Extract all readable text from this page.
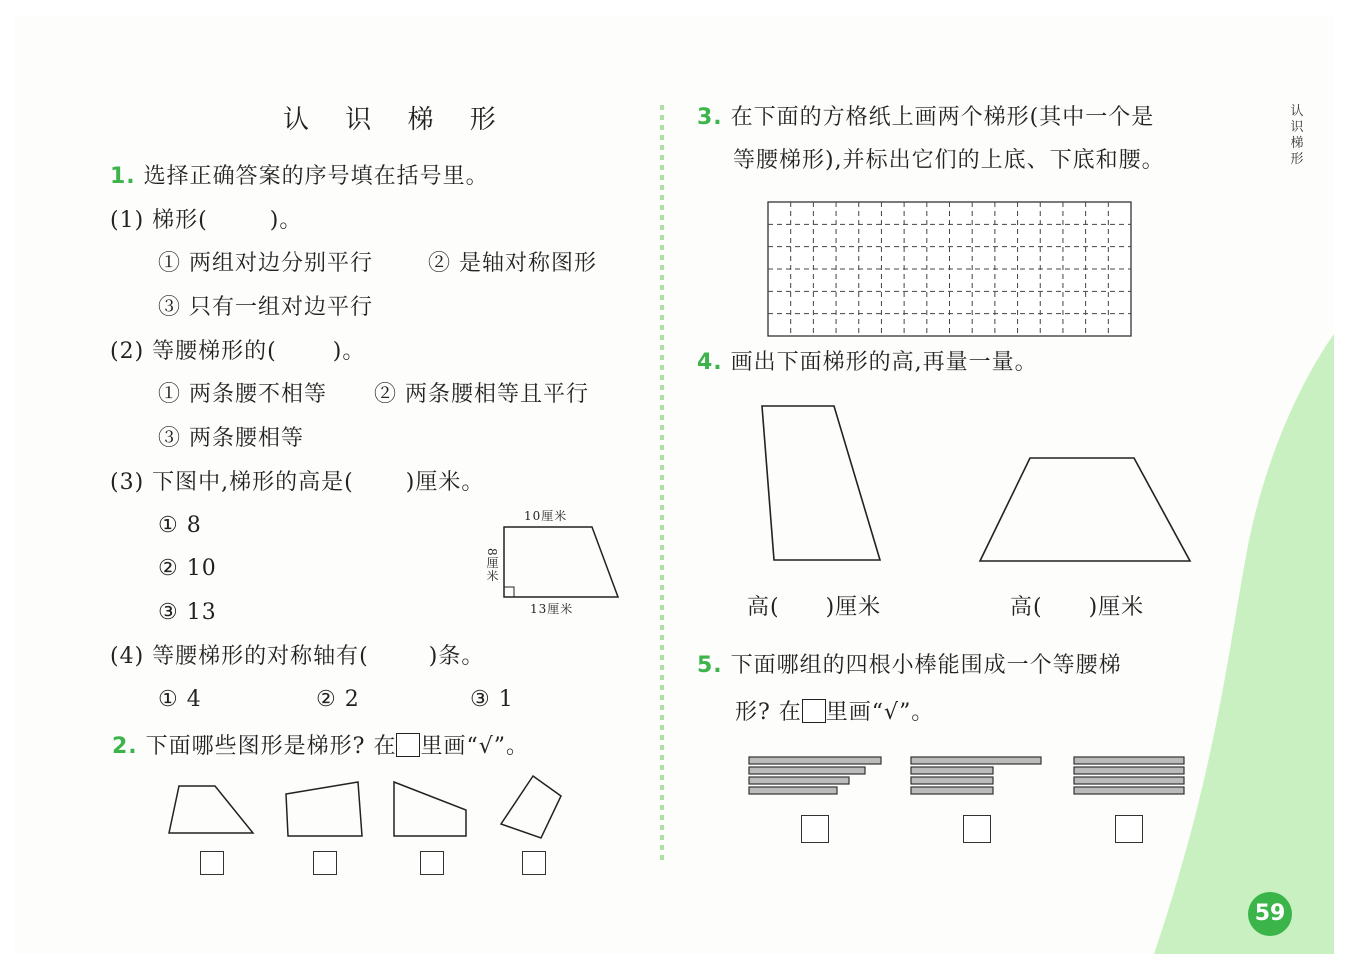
认 识 梯 形
1. 选择正确答案的序号填在括号里。
(1) 梯形(	)。
① 两组对边分别平行	② 是轴对称图形
③ 只有一组对边平行
(2) 等腰梯形的(	)。
① 两条腰不相等 ② 两条腰相等且平行
③ 两条腰相等
(3) 下图中,梯形的高是( )厘米。
① 8
② 10
③ 13
10厘米
13厘米
8厘米
(4) 等腰梯形的对称轴有(	)条。
① 4	② 2	③ 1
2. 下面哪些图形是梯形? 在 里画“√”。
3. 在下面的方格纸上画两个梯形(其中一个是
等腰梯形),并标出它们的上底、下底和腰。
4. 画出下面梯形的高,再量一量。
高(　　)厘米	高(　　)厘米
5. 下面哪组的四根小棒能围成一个等腰梯
形? 在 里画“√”。
认
识
梯
形
59
